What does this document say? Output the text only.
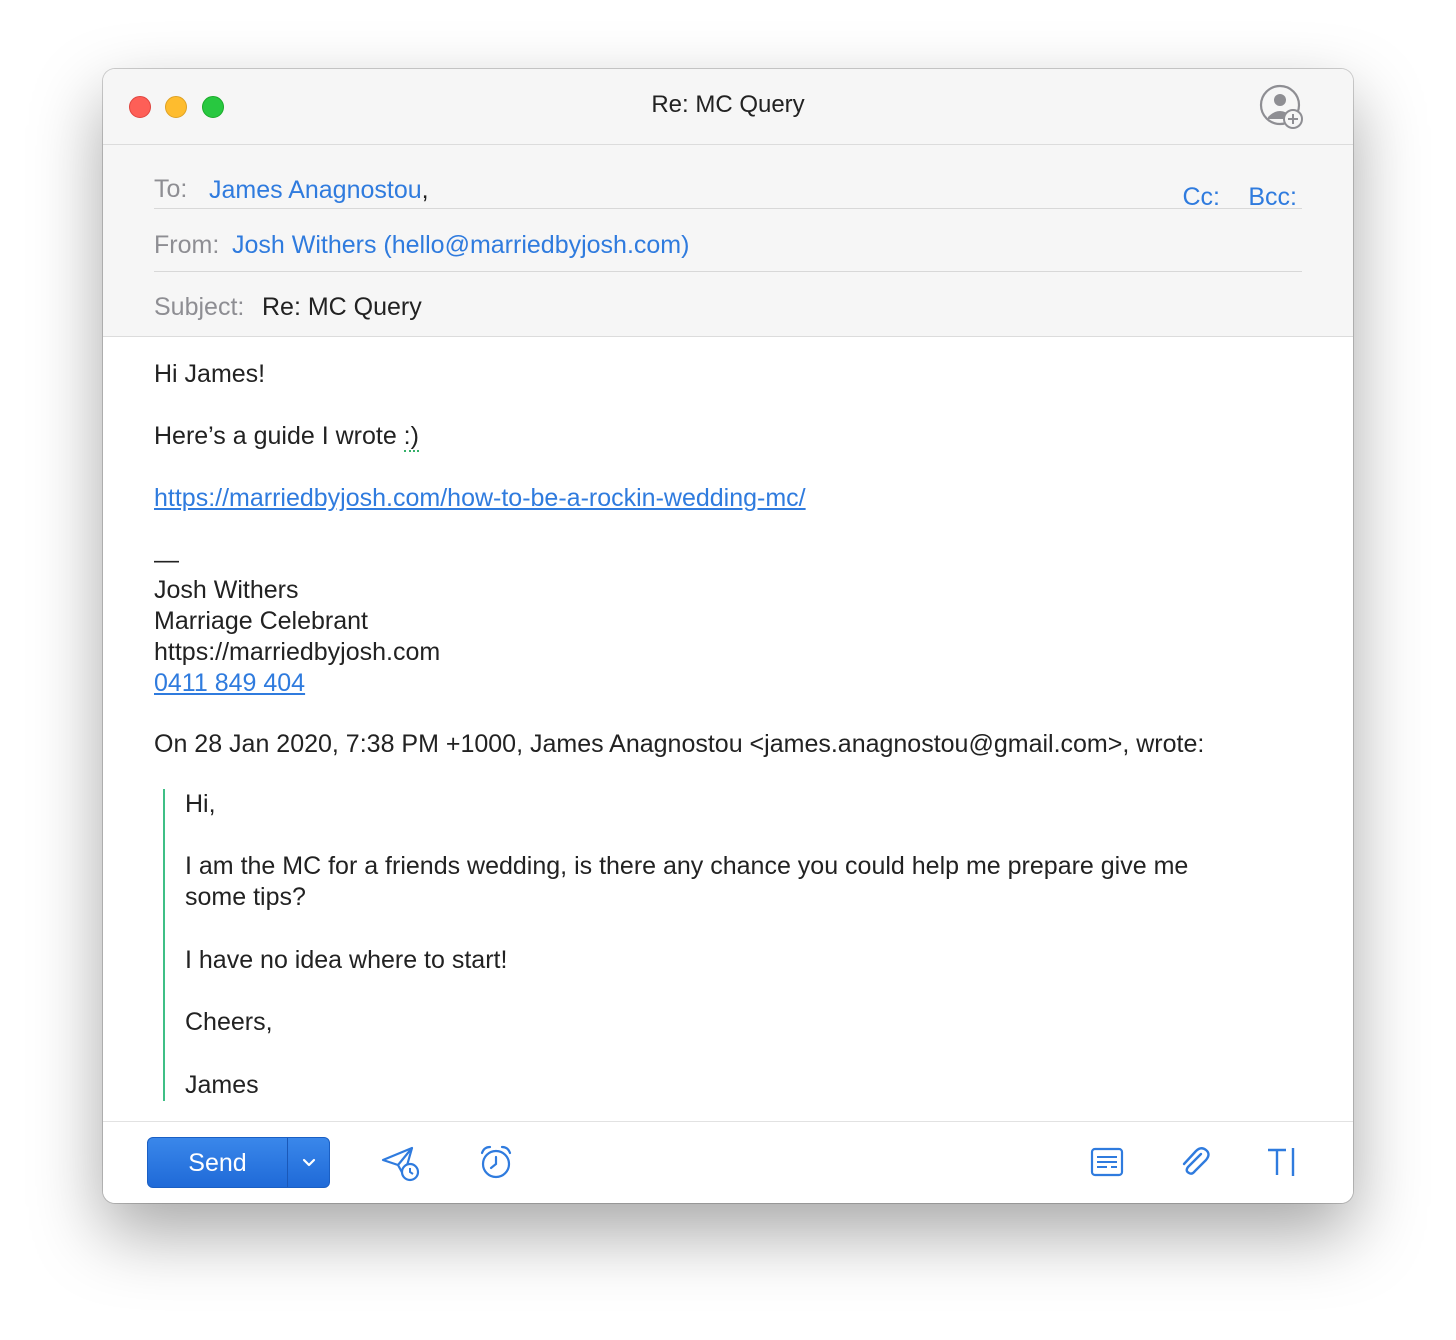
Re: MC Query
To: James Anagnostou,	Cc: Bcc:
From: Josh Withers (hello@marriedbyjosh.com)
Subject: Re: MC Query
Hi James!
Here’s a guide I wrote :)
https://marriedbyjosh.com/how-to-be-a-rockin-wedding-mc/
—
Josh Withers
Marriage Celebrant
https://marriedbyjosh.com
0411 849 404
On 28 Jan 2020, 7:38 PM +1000, James Anagnostou <james.anagnostou@gmail.com>, wrote:
Hi,
I am the MC for a friends wedding, is there any chance you could help me prepare give me
some tips?
I have no idea where to start!
Cheers,
James
Send
